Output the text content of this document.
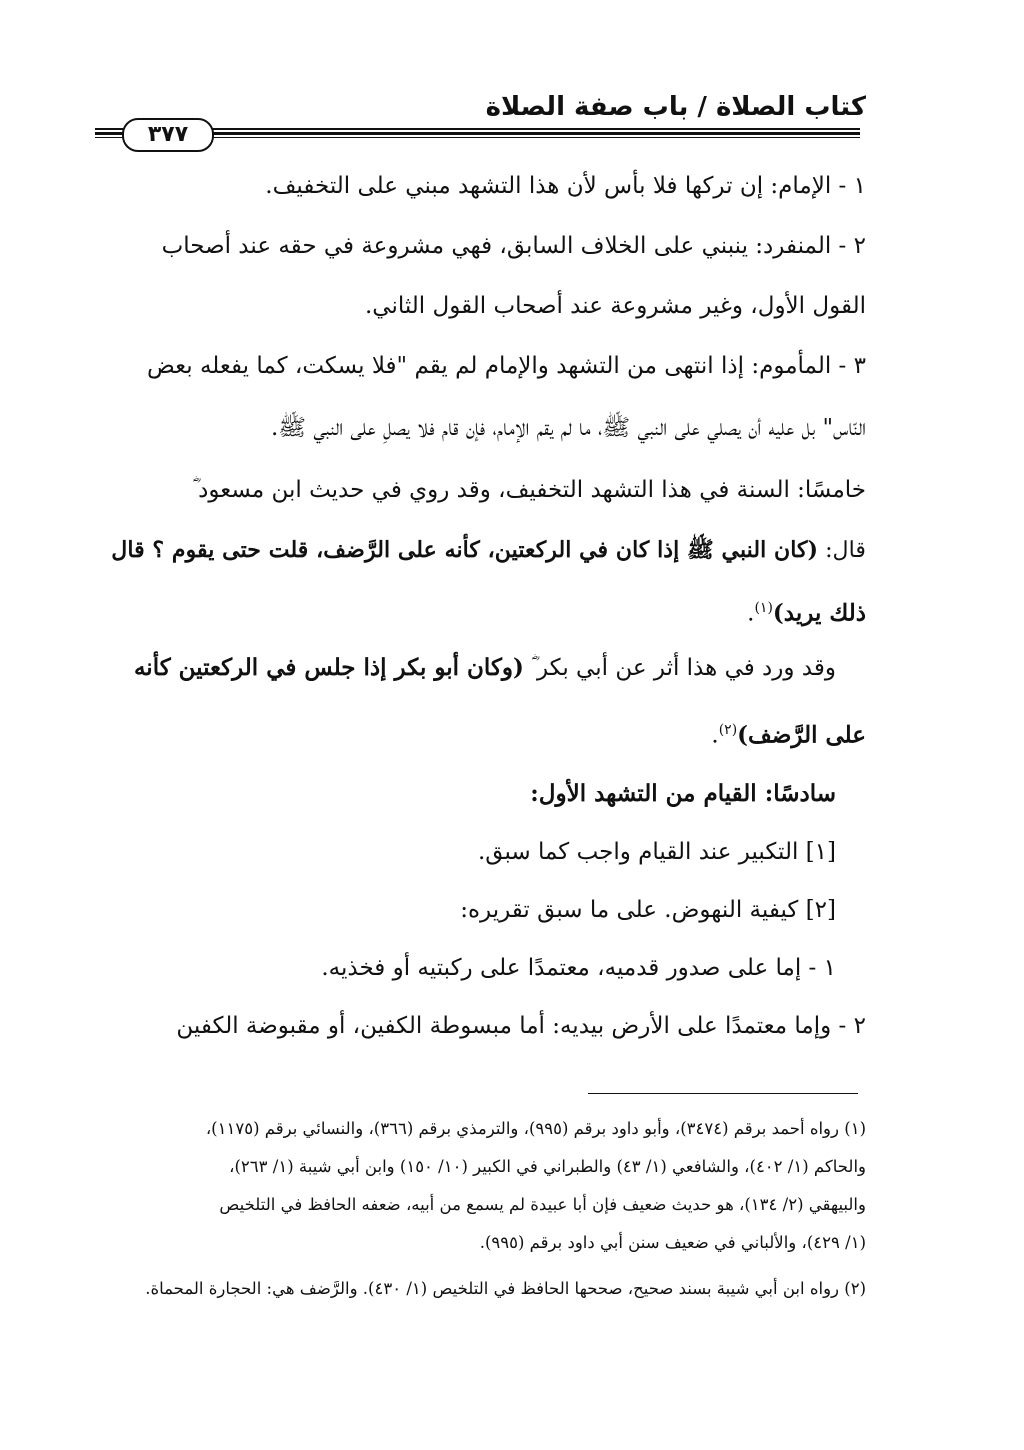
كتاب الصلاة / باب صفة الصلاة
٣٧٧
١ - الإمام: إن تركها فلا بأس لأن هذا التشهد مبني على التخفيف.
٢ - المنفرد: ينبني على الخلاف السابق، فهي مشروعة في حقه عند أصحاب
القول الأول، وغير مشروعة عند أصحاب القول الثاني.
٣ - المأموم: إذا انتهى من التشهد والإمام لم يقم "فلا يسكت، كما يفعله بعض
النّاس" بل عليه أن يصلي على النبي ﷺ، ما لم يقم الإمام، فإن قام فلا يصلِ على النبي ﷺ.
خامسًا: السنة في هذا التشهد التخفيف، وقد روي في حديث ابن مسعود ؓ
قال: (كان النبي ﷺ إذا كان في الركعتين، كأنه على الرَّضف، قلت حتى يقوم ؟ قال
ذلك يريد)$^{(١)}$.
وقد ورد في هذا أثر عن أبي بكر ؓ (وكان أبو بكر إذا جلس في الركعتين كأنه
على الرَّضف)$^{(٢)}$.
سادسًا: القيام من التشهد الأول:
[١] التكبير عند القيام واجب كما سبق.
[٢] كيفية النهوض. على ما سبق تقريره:
١ - إما على صدور قدميه، معتمدًا على ركبتيه أو فخذيه.
٢ - وإما معتمدًا على الأرض بيديه: أما مبسوطة الكفين، أو مقبوضة الكفين
(١) رواه أحمد برقم (٣٤٧٤)، وأبو داود برقم (٩٩٥)، والترمذي برقم (٣٦٦)، والنسائي برقم (١١٧٥)،
والحاكم (١/ ٤٠٢)، والشافعي (١/ ٤٣) والطبراني في الكبير (١٠/ ١٥٠) وابن أبي شيبة (١/ ٢٦٣)،
والبيهقي (٢/ ١٣٤)، هو حديث ضعيف فإن أبا عبيدة لم يسمع من أبيه، ضعفه الحافظ في التلخيص
(١/ ٤٢٩)، والألباني في ضعيف سنن أبي داود برقم (٩٩٥).
(٢) رواه ابن أبي شيبة بسند صحيح، صححها الحافظ في التلخيص (١/ ٤٣٠). والرَّضف هي: الحجارة المحماة.
